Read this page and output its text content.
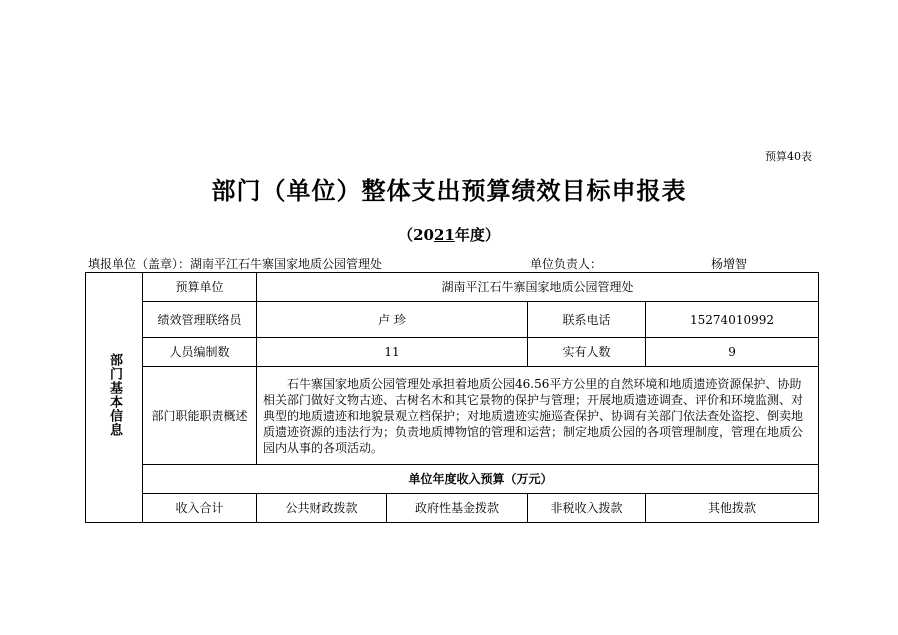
预算40表
部门（单位）整体支出预算绩效目标申报表
（2021年度）
填报单位（盖章）：湖南平江石牛寨国家地质公园管理处	单位负责人：	杨增智
部门基本信息	预算单位	湖南平江石牛寨国家地质公园管理处			
	绩效管理联络员	卢 珍		联系电话	15274010992
	人员编制数	11		实有人数	9
	部门职能职责概述	石牛寨国家地质公园管理处承担着地质公园46.56平方公里的自然环境和地质遗迹资源保护、协助相关部门做好文物古迹、古树名木和其它景物的保护与管理；开展地质遗迹调查、评价和环境监测、对典型的地质遗迹和地貌景观立档保护；对地质遗迹实施巡查保护、协调有关部门依法查处盗挖、倒卖地质遗迹资源的违法行为；负责地质博物馆的管理和运营；制定地质公园的各项管理制度，管理在地质公园内从事的各项活动。			
	单位年度收入预算（万元）				
	收入合计	公共财政拨款	政府性基金拨款	非税收入拨款	其他拨款
